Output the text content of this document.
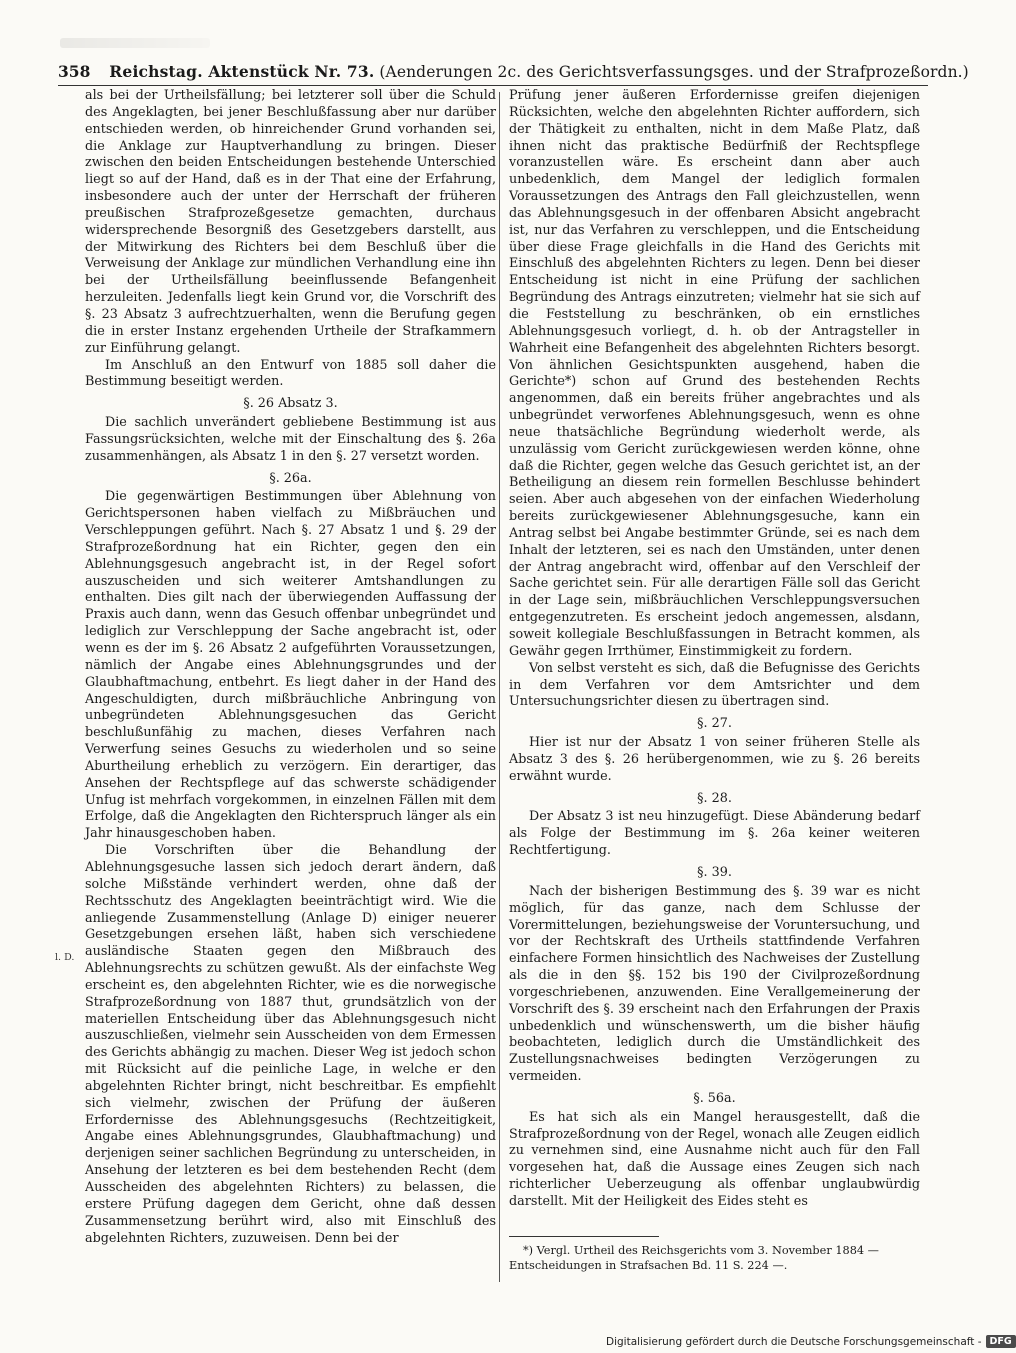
358 Reichstag. Aktenstück Nr. 73. (Aenderungen 2c. des Gerichtsverfassungsges. und der Strafprozeßordn.)
l. D.

als bei der Urtheilsfällung; bei letzterer soll über die Schuld des Angeklagten, bei jener Beschlußfassung aber nur darüber entschieden werden, ob hinreichender Grund vorhanden sei, die Anklage zur Hauptverhandlung zu bringen. Dieser zwischen den beiden Entscheidungen bestehende Unterschied liegt so auf der Hand, daß es in der That eine der Erfahrung, insbesondere auch der unter der Herrschaft der früheren preußischen Strafprozeßgesetze gemachten, durchaus widersprechende Besorgniß des Gesetzgebers darstellt, aus der Mitwirkung des Richters bei dem Beschluß über die Verweisung der Anklage zur mündlichen Verhandlung eine ihn bei der Urtheilsfällung beeinflussende Befangenheit herzuleiten. Jedenfalls liegt kein Grund vor, die Vorschrift des §. 23 Absatz 3 aufrechtzuerhalten, wenn die Berufung gegen die in erster Instanz ergehenden Urtheile der Strafkammern zur Einführung gelangt.

Im Anschluß an den Entwurf von 1885 soll daher die Bestimmung beseitigt werden.

§. 26 Absatz 3.

Die sachlich unverändert gebliebene Bestimmung ist aus Fassungsrücksichten, welche mit der Einschaltung des §. 26a zusammenhängen, als Absatz 1 in den §. 27 versetzt worden.

§. 26a.

Die gegenwärtigen Bestimmungen über Ablehnung von Gerichtspersonen haben vielfach zu Mißbräuchen und Verschleppungen geführt. Nach §. 27 Absatz 1 und §. 29 der Strafprozeßordnung hat ein Richter, gegen den ein Ablehnungsgesuch angebracht ist, in der Regel sofort auszuscheiden und sich weiterer Amtshandlungen zu enthalten. Dies gilt nach der überwiegenden Auffassung der Praxis auch dann, wenn das Gesuch offenbar unbegründet und lediglich zur Verschleppung der Sache angebracht ist, oder wenn es der im §. 26 Absatz 2 aufgeführten Voraussetzungen, nämlich der Angabe eines Ablehnungsgrundes und der Glaubhaftmachung, entbehrt. Es liegt daher in der Hand des Angeschuldigten, durch mißbräuchliche Anbringung von unbegründeten Ablehnungsgesuchen das Gericht beschlußunfähig zu machen, dieses Verfahren nach Verwerfung seines Gesuchs zu wiederholen und so seine Aburtheilung erheblich zu verzögern. Ein derartiger, das Ansehen der Rechtspflege auf das schwerste schädigender Unfug ist mehrfach vorgekommen, in einzelnen Fällen mit dem Erfolge, daß die Angeklagten den Richterspruch länger als ein Jahr hinausgeschoben haben.

Die Vorschriften über die Behandlung der Ablehnungsgesuche lassen sich jedoch derart ändern, daß solche Mißstände verhindert werden, ohne daß der Rechtsschutz des Angeklagten beeinträchtigt wird. Wie die anliegende Zusammenstellung (Anlage D) einiger neuerer Gesetzgebungen ersehen läßt, haben sich verschiedene ausländische Staaten gegen den Mißbrauch des Ablehnungsrechts zu schützen gewußt. Als der einfachste Weg erscheint es, den abgelehnten Richter, wie es die norwegische Strafprozeßordnung von 1887 thut, grundsätzlich von der materiellen Entscheidung über das Ablehnungsgesuch nicht auszuschließen, vielmehr sein Ausscheiden von dem Ermessen des Gerichts abhängig zu machen. Dieser Weg ist jedoch schon mit Rücksicht auf die peinliche Lage, in welche er den abgelehnten Richter bringt, nicht beschreitbar. Es empfiehlt sich vielmehr, zwischen der Prüfung der äußeren Erfordernisse des Ablehnungsgesuchs (Rechtzeitigkeit, Angabe eines Ablehnungsgrundes, Glaubhaftmachung) und derjenigen seiner sachlichen Begründung zu unterscheiden, in Ansehung der letzteren es bei dem bestehenden Recht (dem Ausscheiden des abgelehnten Richters) zu belassen, die erstere Prüfung dagegen dem Gericht, ohne daß dessen Zusammensetzung berührt wird, also mit Einschluß des abgelehnten Richters, zuzuweisen. Denn bei der

Prüfung jener äußeren Erfordernisse greifen diejenigen Rücksichten, welche den abgelehnten Richter auffordern, sich der Thätigkeit zu enthalten, nicht in dem Maße Platz, daß ihnen nicht das praktische Bedürfniß der Rechtspflege voranzustellen wäre. Es erscheint dann aber auch unbedenklich, dem Mangel der lediglich formalen Voraussetzungen des Antrags den Fall gleichzustellen, wenn das Ablehnungsgesuch in der offenbaren Absicht angebracht ist, nur das Verfahren zu verschleppen, und die Entscheidung über diese Frage gleichfalls in die Hand des Gerichts mit Einschluß des abgelehnten Richters zu legen. Denn bei dieser Entscheidung ist nicht in eine Prüfung der sachlichen Begründung des Antrags einzutreten; vielmehr hat sie sich auf die Feststellung zu beschränken, ob ein ernstliches Ablehnungsgesuch vorliegt, d. h. ob der Antragsteller in Wahrheit eine Befangenheit des abgelehnten Richters besorgt. Von ähnlichen Gesichtspunkten ausgehend, haben die Gerichte*) schon auf Grund des bestehenden Rechts angenommen, daß ein bereits früher angebrachtes und als unbegründet verworfenes Ablehnungsgesuch, wenn es ohne neue thatsächliche Begründung wiederholt werde, als unzulässig vom Gericht zurückgewiesen werden könne, ohne daß die Richter, gegen welche das Gesuch gerichtet ist, an der Betheiligung an diesem rein formellen Beschlusse behindert seien. Aber auch abgesehen von der einfachen Wiederholung bereits zurückgewiesener Ablehnungsgesuche, kann ein Antrag selbst bei Angabe bestimmter Gründe, sei es nach dem Inhalt der letzteren, sei es nach den Umständen, unter denen der Antrag angebracht wird, offenbar auf den Verschleif der Sache gerichtet sein. Für alle derartigen Fälle soll das Gericht in der Lage sein, mißbräuchlichen Verschleppungsversuchen entgegenzutreten. Es erscheint jedoch angemessen, alsdann, soweit kollegiale Beschlußfassungen in Betracht kommen, als Gewähr gegen Irrthümer, Einstimmigkeit zu fordern.

Von selbst versteht es sich, daß die Befugnisse des Gerichts in dem Verfahren vor dem Amtsrichter und dem Untersuchungsrichter diesen zu übertragen sind.

§. 27.

Hier ist nur der Absatz 1 von seiner früheren Stelle als Absatz 3 des §. 26 herübergenommen, wie zu §. 26 bereits erwähnt wurde.

§. 28.

Der Absatz 3 ist neu hinzugefügt. Diese Abänderung bedarf als Folge der Bestimmung im §. 26a keiner weiteren Rechtfertigung.

§. 39.

Nach der bisherigen Bestimmung des §. 39 war es nicht möglich, für das ganze, nach dem Schlusse der Vorermittelungen, beziehungsweise der Voruntersuchung, und vor der Rechtskraft des Urtheils stattfindende Verfahren einfachere Formen hinsichtlich des Nachweises der Zustellung als die in den §§. 152 bis 190 der Civilprozeßordnung vorgeschriebenen, anzuwenden. Eine Verallgemeinerung der Vorschrift des §. 39 erscheint nach den Erfahrungen der Praxis unbedenklich und wünschenswerth, um die bisher häufig beobachteten, lediglich durch die Umständlichkeit des Zustellungsnachweises bedingten Verzögerungen zu vermeiden.

§. 56a.

Es hat sich als ein Mangel herausgestellt, daß die Strafprozeßordnung von der Regel, wonach alle Zeugen eidlich zu vernehmen sind, eine Ausnahme nicht auch für den Fall vorgesehen hat, daß die Aussage eines Zeugen sich nach richterlicher Ueberzeugung als offenbar unglaubwürdig darstellt. Mit der Heiligkeit des Eides steht es

*) Vergl. Urtheil des Reichsgerichts vom 3. November 1884 — Entscheidungen in Strafsachen Bd. 11 S. 224 —.

Digitalisierung gefördert durch die Deutsche Forschungsgemeinschaft - DFG
